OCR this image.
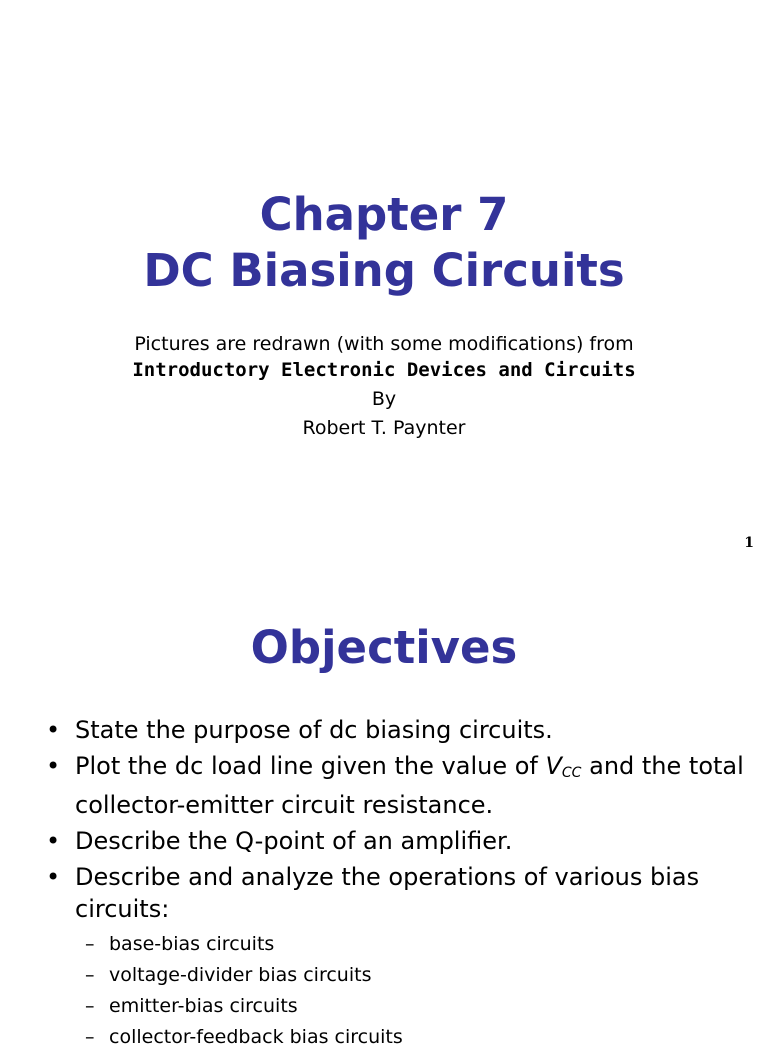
Chapter 7
DC Biasing Circuits
Pictures are redrawn (with some modifications) from
Introductory Electronic Devices and Circuits
By
Robert T. Paynter
1
Objectives
• State the purpose of dc biasing circuits.
• Plot the dc load line given the value of $V_{CC}$ and the total collector-emitter circuit resistance.
• Describe the Q-point of an amplifier.
• Describe and analyze the operations of various bias circuits:
– base-bias circuits
– voltage-divider bias circuits
– emitter-bias circuits
– collector-feedback bias circuits
